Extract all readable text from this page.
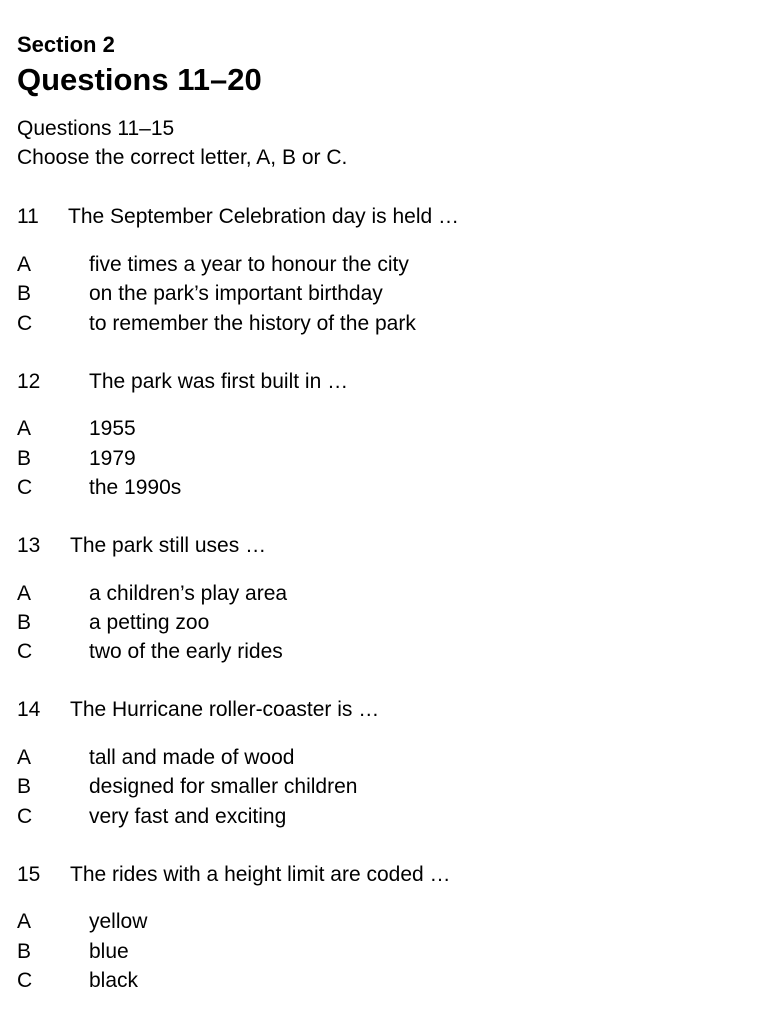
Section 2
Questions 11–20
Questions 11–15
Choose the correct letter, A, B or C.
11 The September Celebration day is held …
A	five times a year to honour the city
B	on the park’s important birthday
C	to remember the history of the park
12 The park was first built in …
A	1955
B	1979
C	the 1990s
13 The park still uses …
A	a children’s play area
B	a petting zoo
C	two of the early rides
14 The Hurricane roller-coaster is …
A	tall and made of wood
B	designed for smaller children
C	very fast and exciting
15 The rides with a height limit are coded …
A	yellow
B	blue
C	black
